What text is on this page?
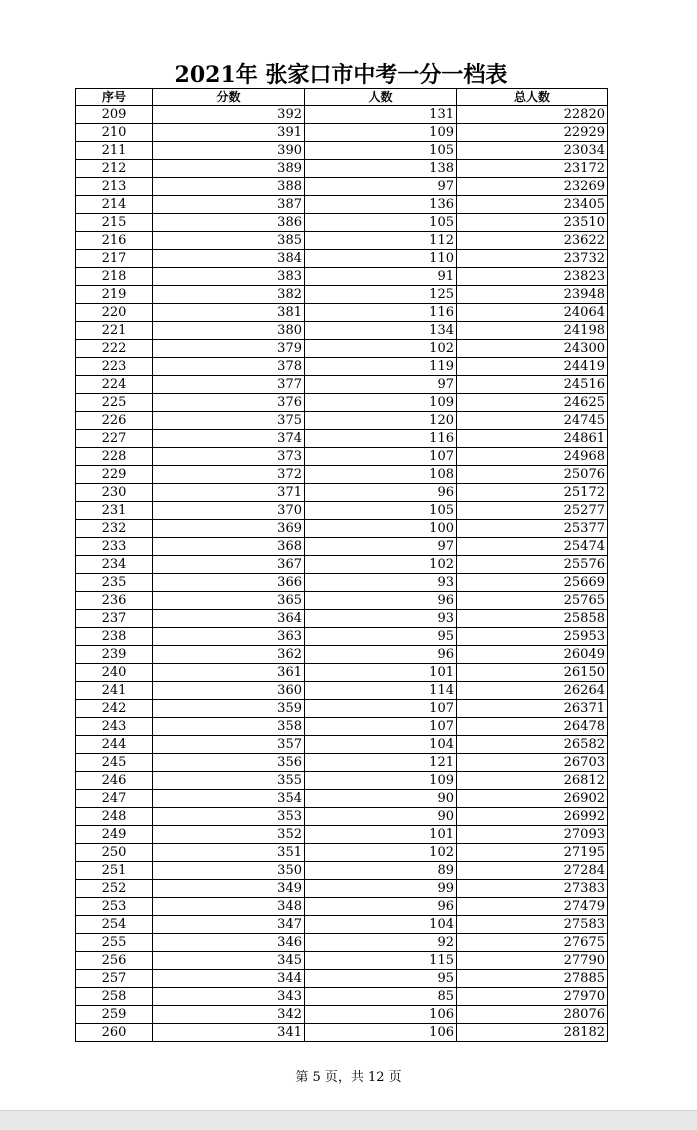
2021年 张家口市中考一分一档表
序号	分数	人数	总人数
209	392	131	22820
210	391	109	22929
211	390	105	23034
212	389	138	23172
213	388	97	23269
214	387	136	23405
215	386	105	23510
216	385	112	23622
217	384	110	23732
218	383	91	23823
219	382	125	23948
220	381	116	24064
221	380	134	24198
222	379	102	24300
223	378	119	24419
224	377	97	24516
225	376	109	24625
226	375	120	24745
227	374	116	24861
228	373	107	24968
229	372	108	25076
230	371	96	25172
231	370	105	25277
232	369	100	25377
233	368	97	25474
234	367	102	25576
235	366	93	25669
236	365	96	25765
237	364	93	25858
238	363	95	25953
239	362	96	26049
240	361	101	26150
241	360	114	26264
242	359	107	26371
243	358	107	26478
244	357	104	26582
245	356	121	26703
246	355	109	26812
247	354	90	26902
248	353	90	26992
249	352	101	27093
250	351	102	27195
251	350	89	27284
252	349	99	27383
253	348	96	27479
254	347	104	27583
255	346	92	27675
256	345	115	27790
257	344	95	27885
258	343	85	27970
259	342	106	28076
260	341	106	28182
第 5 页，共 12 页
